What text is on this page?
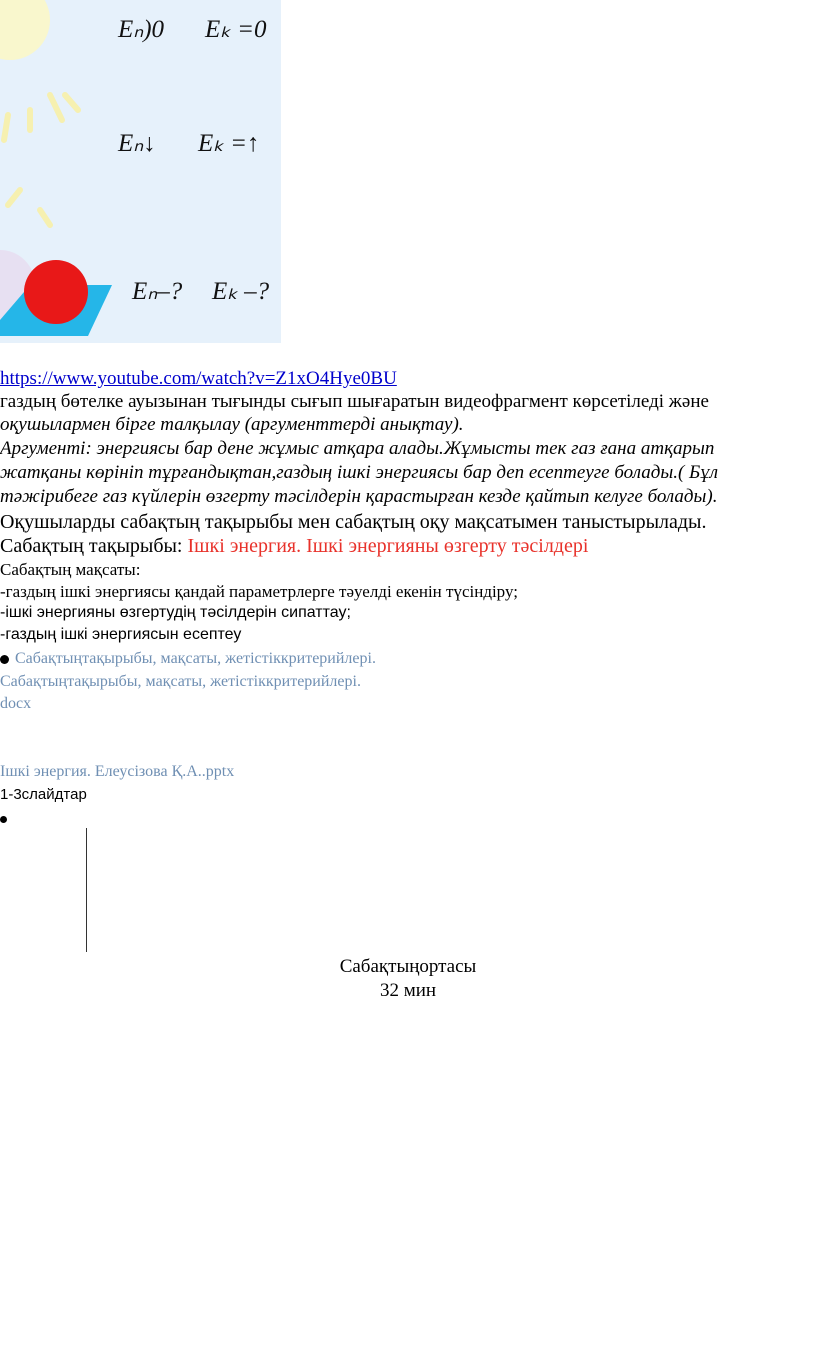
Eₙ)0 Eₖ =0
Eₙ↓ Eₖ =↑
Eₙ–? Eₖ –?
https://www.youtube.com/watch?v=Z1xO4Hye0BU
газдың бөтелке ауызынан тығынды сығып шығаратын видеофрагмент көрсетіледі және
оқушылармен бірге талқылау (аргументтерді анықтау).
Аргументі: энергиясы бар дене жұмыс атқара алады.Жұмысты тек газ ғана атқарып
жатқаны көрініп тұрғандықтан,газдың ішкі энергиясы бар деп есептеуге болады.( Бұл
тәжірибеге газ күйлерін өзгерту тәсілдерін қарастырған кезде қайтып келуге болады).
Оқушыларды сабақтың тақырыбы мен сабақтың оқу мақсатымен таныстырылады.
Сабақтың тақырыбы: Ішкі энергия. Ішкі энергияны өзгерту тәсілдері
Сабақтың мақсаты:
-газдың ішкі энергиясы қандай параметрлерге тәуелді екенін түсіндіру;
-ішкі энергияны өзгертудің тәсілдерін сипаттау;
-газдың ішкі энергиясын есептеу
Сабақтыңтақырыбы, мақсаты, жетістіккритерийлері.
Сабақтыңтақырыбы, мақсаты, жетістіккритерийлері.
docx
Ішкі энергия. Елеусізова Қ.А..pptx
1-3слайдтар
Сабақтыңортасы
32 мин
